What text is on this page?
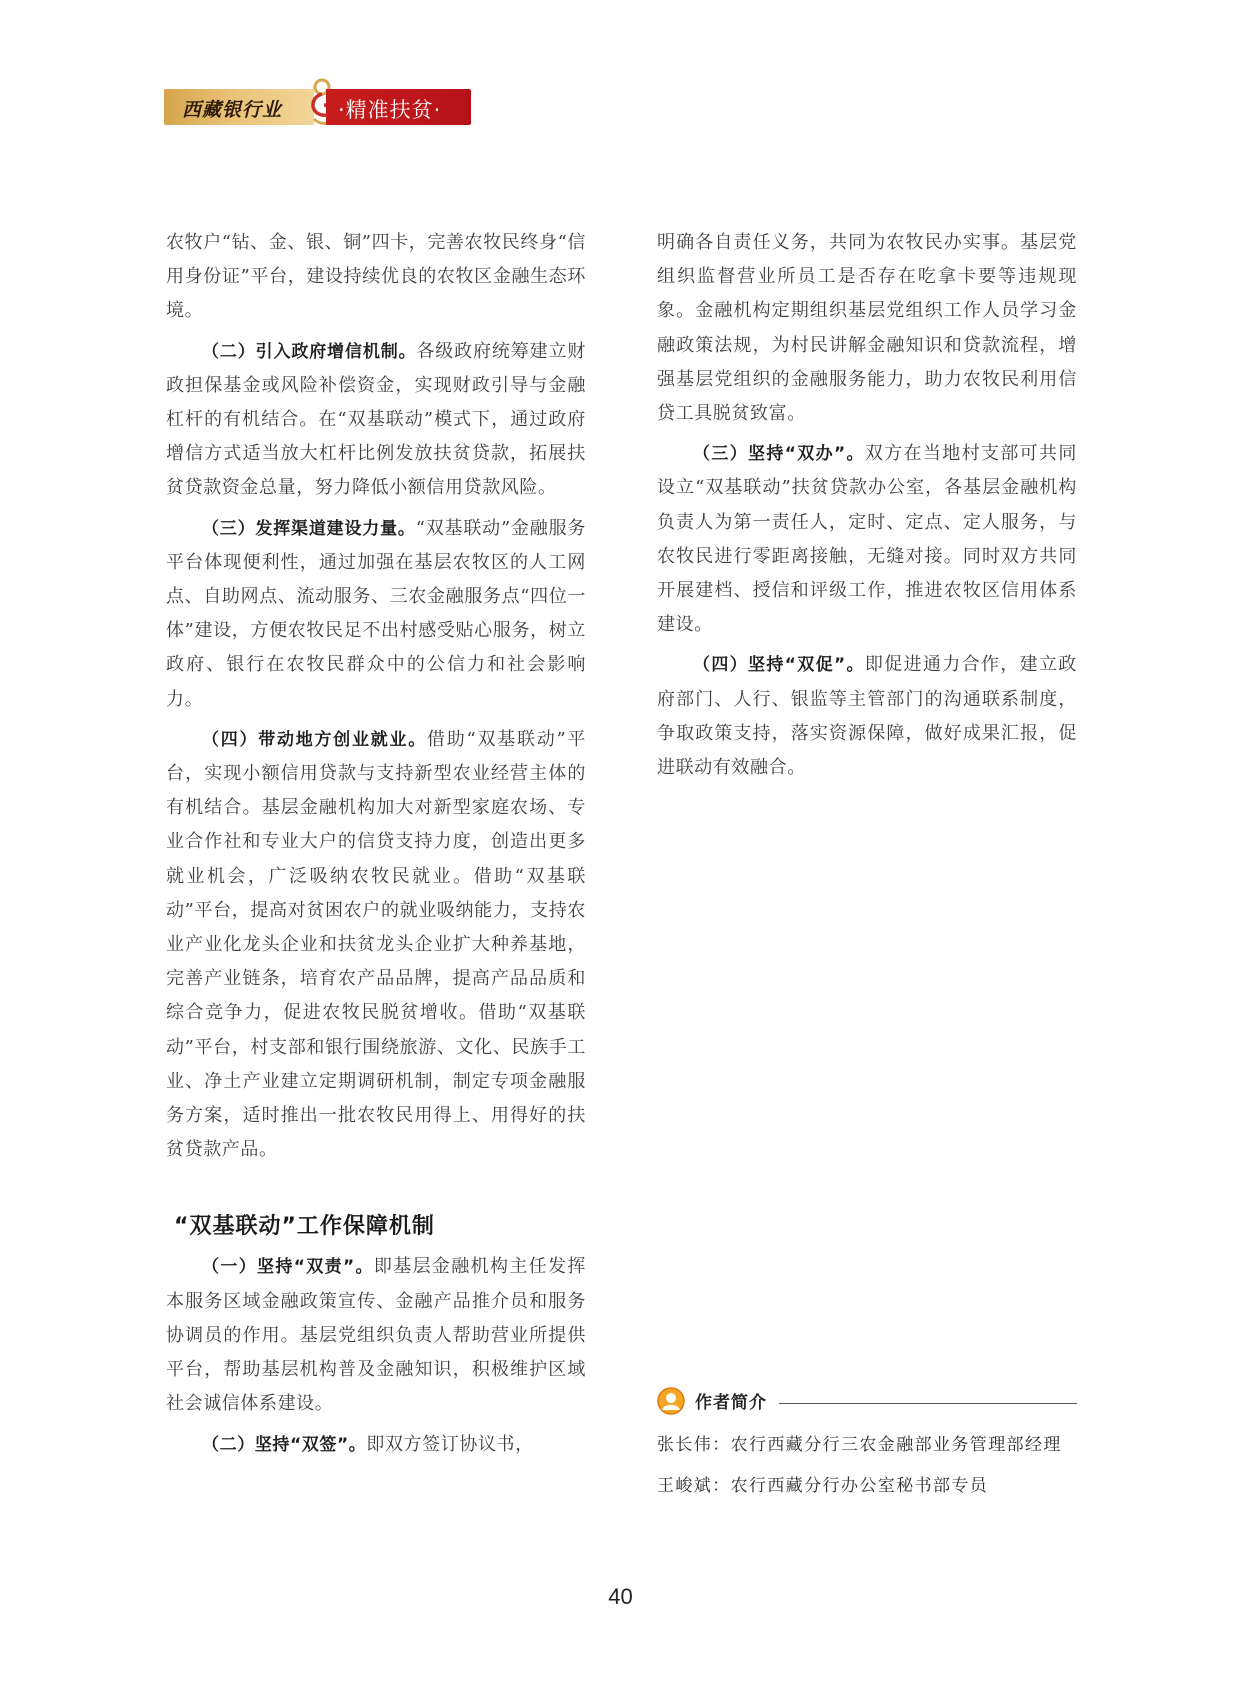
西藏银行业	·精准扶贫·

农牧户“钻、金、银、铜”四卡，完善农牧民终身“信用身份证”平台，建设持续优良的农牧区金融生态环境。

（二）引入政府增信机制。各级政府统筹建立财政担保基金或风险补偿资金，实现财政引导与金融杠杆的有机结合。在“双基联动”模式下，通过政府增信方式适当放大杠杆比例发放扶贫贷款，拓展扶贫贷款资金总量，努力降低小额信用贷款风险。

（三）发挥渠道建设力量。“双基联动”金融服务平台体现便利性，通过加强在基层农牧区的人工网点、自助网点、流动服务、三农金融服务点“四位一体”建设，方便农牧民足不出村感受贴心服务，树立政府、银行在农牧民群众中的公信力和社会影响力。

（四）带动地方创业就业。借助“双基联动”平台，实现小额信用贷款与支持新型农业经营主体的有机结合。基层金融机构加大对新型家庭农场、专业合作社和专业大户的信贷支持力度，创造出更多就业机会，广泛吸纳农牧民就业。借助“双基联动”平台，提高对贫困农户的就业吸纳能力，支持农业产业化龙头企业和扶贫龙头企业扩大种养基地，完善产业链条，培育农产品品牌，提高产品品质和综合竞争力，促进农牧民脱贫增收。借助“双基联动”平台，村支部和银行围绕旅游、文化、民族手工业、净土产业建立定期调研机制，制定专项金融服务方案，适时推出一批农牧民用得上、用得好的扶贫贷款产品。

“双基联动”工作保障机制

（一）坚持“双责”。即基层金融机构主任发挥本服务区域金融政策宣传、金融产品推介员和服务协调员的作用。基层党组织负责人帮助营业所提供平台，帮助基层机构普及金融知识，积极维护区域社会诚信体系建设。

（二）坚持“双签”。即双方签订协议书，

明确各自责任义务，共同为农牧民办实事。基层党组织监督营业所员工是否存在吃拿卡要等违规现象。金融机构定期组织基层党组织工作人员学习金融政策法规，为村民讲解金融知识和贷款流程，增强基层党组织的金融服务能力，助力农牧民利用信贷工具脱贫致富。

（三）坚持“双办”。双方在当地村支部可共同设立“双基联动”扶贫贷款办公室，各基层金融机构负责人为第一责任人，定时、定点、定人服务，与农牧民进行零距离接触，无缝对接。同时双方共同开展建档、授信和评级工作，推进农牧区信用体系建设。

（四）坚持“双促”。即促进通力合作，建立政府部门、人行、银监等主管部门的沟通联系制度，争取政策支持，落实资源保障，做好成果汇报，促进联动有效融合。

作者简介
张长伟：农行西藏分行三农金融部业务管理部经理
王峻斌：农行西藏分行办公室秘书部专员
40
